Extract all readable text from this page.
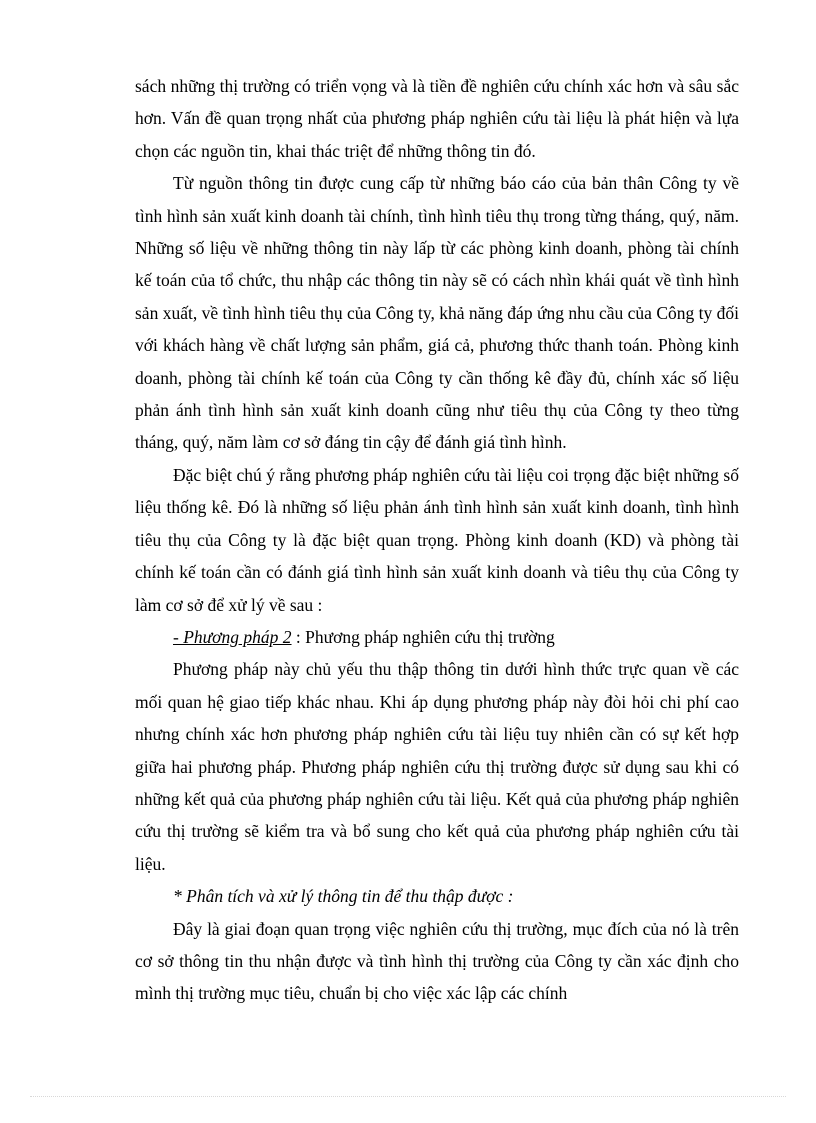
sách những thị trường có triển vọng và là tiền đề nghiên cứu chính xác hơn và sâu sắc hơn. Vấn đề quan trọng nhất của phương pháp nghiên cứu tài liệu là phát hiện và lựa chọn các nguồn tin, khai thác triệt để những thông tin đó.

Từ nguồn thông tin được cung cấp từ những báo cáo của bản thân Công ty về tình hình sản xuất kinh doanh tài chính, tình hình tiêu thụ trong từng tháng, quý, năm. Những số liệu về những thông tin này lấp từ các phòng kinh doanh, phòng tài chính kế toán của tổ chức, thu nhập các thông tin này sẽ có cách nhìn khái quát về tình hình sản xuất, về tình hình tiêu thụ của Công ty, khả năng đáp ứng nhu cầu của Công ty đối với khách hàng về chất lượng sản phẩm, giá cả, phương thức thanh toán. Phòng kinh doanh, phòng tài chính kế toán của Công ty cần thống kê đầy đủ, chính xác số liệu phản ánh tình hình sản xuất kinh doanh cũng như tiêu thụ của Công ty theo từng tháng, quý, năm làm cơ sở đáng tin cậy để đánh giá tình hình.

Đặc biệt chú ý rằng phương pháp nghiên cứu tài liệu coi trọng đặc biệt những số liệu thống kê. Đó là những số liệu phản ánh tình hình sản xuất kinh doanh, tình hình tiêu thụ của Công ty là đặc biệt quan trọng. Phòng kinh doanh (KD) và phòng tài chính kế toán cần có đánh giá tình hình sản xuất kinh doanh và tiêu thụ của Công ty làm cơ sở để xử lý về sau :

- Phương pháp 2 : Phương pháp nghiên cứu thị trường

Phương pháp này chủ yếu thu thập thông tin dưới hình thức trực quan về các mối quan hệ giao tiếp khác nhau. Khi áp dụng phương pháp này đòi hỏi chi phí cao nhưng chính xác hơn phương pháp nghiên cứu tài liệu tuy nhiên cần có sự kết hợp giữa hai phương pháp. Phương pháp nghiên cứu thị trường được sử dụng sau khi có những kết quả của phương pháp nghiên cứu tài liệu. Kết quả của phương pháp nghiên cứu thị trường sẽ kiểm tra và bổ sung cho kết quả của phương pháp nghiên cứu tài liệu.

* Phân tích và xử lý thông tin để thu thập được :

Đây là giai đoạn quan trọng việc nghiên cứu thị trường, mục đích của nó là trên cơ sở thông tin thu nhận được và tình hình thị trường của Công ty cần xác định cho mình thị trường mục tiêu, chuẩn bị cho việc xác lập các chính
